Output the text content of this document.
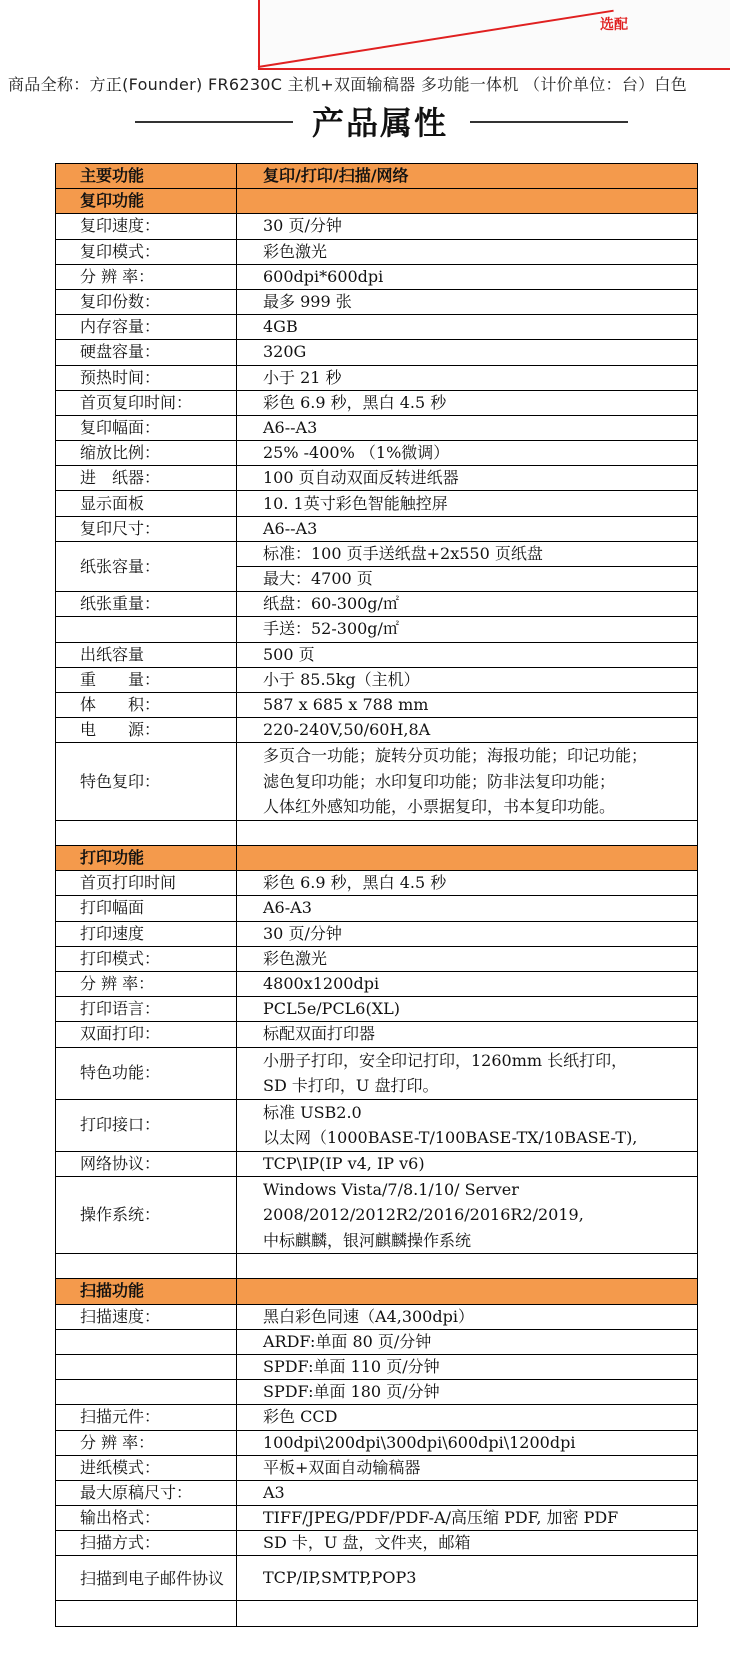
选配
商品全称：方正(Founder) FR6230C 主机+双面输稿器 多功能一体机 （计价单位：台）白色
产品属性
主要功能	复印/打印/扫描/网络
复印功能	
复印速度：	30 页/分钟
复印模式：	彩色激光
分 辨 率：	600dpi*600dpi
复印份数：	最多 999 张
内存容量：	4GB
硬盘容量：	320G
预热时间：	小于 21 秒
首页复印时间：	彩色 6.9 秒，黑白 4.5 秒
复印幅面：	A6--A3
缩放比例：	25% -400% （1%微调）
进　纸器：	100 页自动双面反转进纸器
显示面板	10. 1英寸彩色智能触控屏
复印尺寸：	A6--A3
纸张容量：	标准：100 页手送纸盘+2x550 页纸盘
	最大：4700 页
纸张重量：	纸盘：60-300g/㎡
	手送：52-300g/㎡
出纸容量	500 页
重　　量：	小于 85.5kg（主机）
体　　积：	587 x 685 x 788 mm
电　　源：	220-240V,50/60H,8A
特色复印：	多页合一功能；旋转分页功能；海报功能；印记功能；
滤色复印功能；水印复印功能；防非法复印功能；
人体红外感知功能，小票据复印，书本复印功能。

打印功能	
首页打印时间	彩色 6.9 秒，黑白 4.5 秒
打印幅面	A6-A3
打印速度	30 页/分钟
打印模式：	彩色激光
分 辨 率：	4800x1200dpi
打印语言：	PCL5e/PCL6(XL)
双面打印：	标配双面打印器
特色功能：	小册子打印，安全印记打印，1260mm 长纸打印，
SD 卡打印，U 盘打印。

打印接口：	标准 USB2.0
以太网（1000BASE-T/100BASE-TX/10BASE-T),

网络协议：	TCP\IP(IP v4, IP v6)
操作系统：	Windows Vista/7/8.1/10/ Server
2008/2012/2012R2/2016/2016R2/2019,
中标麒麟，银河麒麟操作系统

扫描功能	
扫描速度：	黑白彩色同速（A4,300dpi）
	ARDF:单面 80 页/分钟
	SPDF:单面 110 页/分钟
	SPDF:单面 180 页/分钟
扫描元件：	彩色 CCD
分 辨 率：	100dpi\200dpi\300dpi\600dpi\1200dpi
进纸模式：	平板+双面自动输稿器
最大原稿尺寸：	A3
输出格式：	TIFF/JPEG/PDF/PDF-A/高压缩 PDF, 加密 PDF
扫描方式：	SD 卡，U 盘，文件夹，邮箱
扫描到电子邮件协议	TCP/IP,SMTP,POP3
